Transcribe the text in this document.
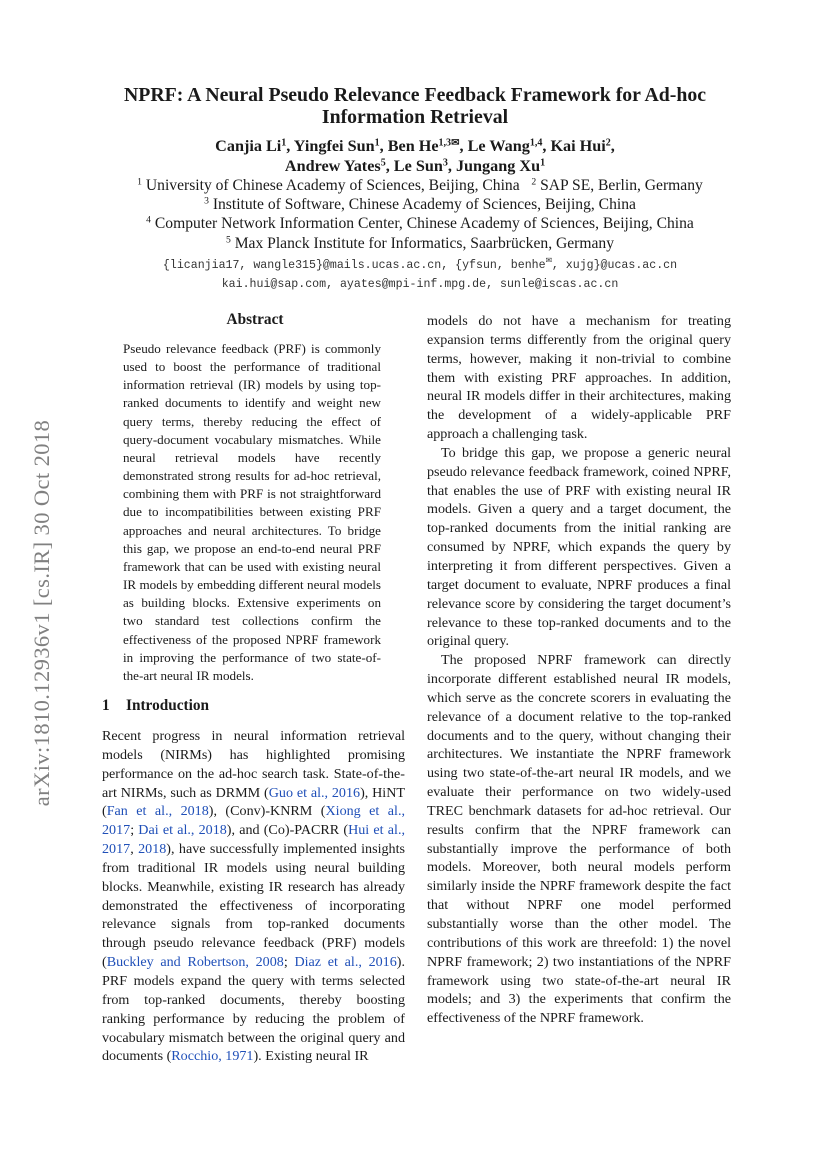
arXiv:1810.12936v1 [cs.IR] 30 Oct 2018
NPRF: A Neural Pseudo Relevance Feedback Framework for Ad-hoc
Information Retrieval
Canjia Li$^1$, Yingfei Sun$^1$, Ben $He^{1,3✉}$, Le Wang$^{1,4}$, Kai Hui$^2$,
Andrew Yates$^5$, Le Sun$^3$, Jungang Xu$^1$
$^1$ University of Chinese Academy of Sciences, Beijing, China $^2$ SAP SE, Berlin, Germany
$^3$ Institute of Software, Chinese Academy of Sciences, Beijing, China
$^4$ Computer Network Information Center, Chinese Academy of Sciences, Beijing, China
$^5$ Max Planck Institute for Informatics, Saarbrücken, Germany
{licanjia17, wangle315}@mails.ucas.ac.cn, {yfsun, benhe✉, xujg}@ucas.ac.cn
kai.hui@sap.com, ayates@mpi-inf.mpg.de, sunle@iscas.ac.cn
Abstract
Pseudo relevance feedback (PRF) is commonly used to boost the performance of traditional information retrieval (IR) models by using top-ranked documents to identify and weight new query terms, thereby reducing the effect of query-document vocabulary mismatches. While neural retrieval models have recently demonstrated strong results for ad-hoc retrieval, combining them with PRF is not straightforward due to incompatibilities between existing PRF approaches and neural architectures. To bridge this gap, we propose an end-to-end neural PRF framework that can be used with existing neural IR models by embedding different neural models as building blocks. Extensive experiments on two standard test collections confirm the effectiveness of the proposed NPRF framework in improving the performance of two state-of-the-art neural IR models.
1 Introduction

Recent progress in neural information retrieval models (NIRMs) has highlighted promising performance on the ad-hoc search task. State-of-the-art NIRMs, such as DRMM (Guo et al., 2016), HiNT (Fan et al., 2018), (Conv)-KNRM (Xiong et al., 2017; Dai et al., 2018), and (Co)-PACRR (Hui et al., 2017, 2018), have successfully implemented insights from traditional IR models using neural building blocks. Meanwhile, existing IR research has already demonstrated the effectiveness of incorporating relevance signals from top-ranked documents through pseudo relevance feedback (PRF) models (Buckley and Robertson, 2008; Diaz et al., 2016). PRF models expand the query with terms selected from top-ranked documents, thereby boosting ranking performance by reducing the problem of vocabulary mismatch between the original query and documents (Rocchio, 1971). Existing neural IR

models do not have a mechanism for treating expansion terms differently from the original query terms, however, making it non-trivial to combine them with existing PRF approaches. In addition, neural IR models differ in their architectures, making the development of a widely-applicable PRF approach a challenging task.

To bridge this gap, we propose a generic neural pseudo relevance feedback framework, coined NPRF, that enables the use of PRF with existing neural IR models. Given a query and a target document, the top-ranked documents from the initial ranking are consumed by NPRF, which expands the query by interpreting it from different perspectives. Given a target document to evaluate, NPRF produces a final relevance score by considering the target document’s relevance to these top-ranked documents and to the original query.

The proposed NPRF framework can directly incorporate different established neural IR models, which serve as the concrete scorers in evaluating the relevance of a document relative to the top-ranked documents and to the query, without changing their architectures. We instantiate the NPRF framework using two state-of-the-art neural IR models, and we evaluate their performance on two widely-used TREC benchmark datasets for ad-hoc retrieval. Our results confirm that the NPRF framework can substantially improve the performance of both models. Moreover, both neural models perform similarly inside the NPRF framework despite the fact that without NPRF one model performed substantially worse than the other model. The contributions of this work are threefold: 1) the novel NPRF framework; 2) two instantiations of the NPRF framework using two state-of-the-art neural IR models; and 3) the experiments that confirm the effectiveness of the NPRF framework.
